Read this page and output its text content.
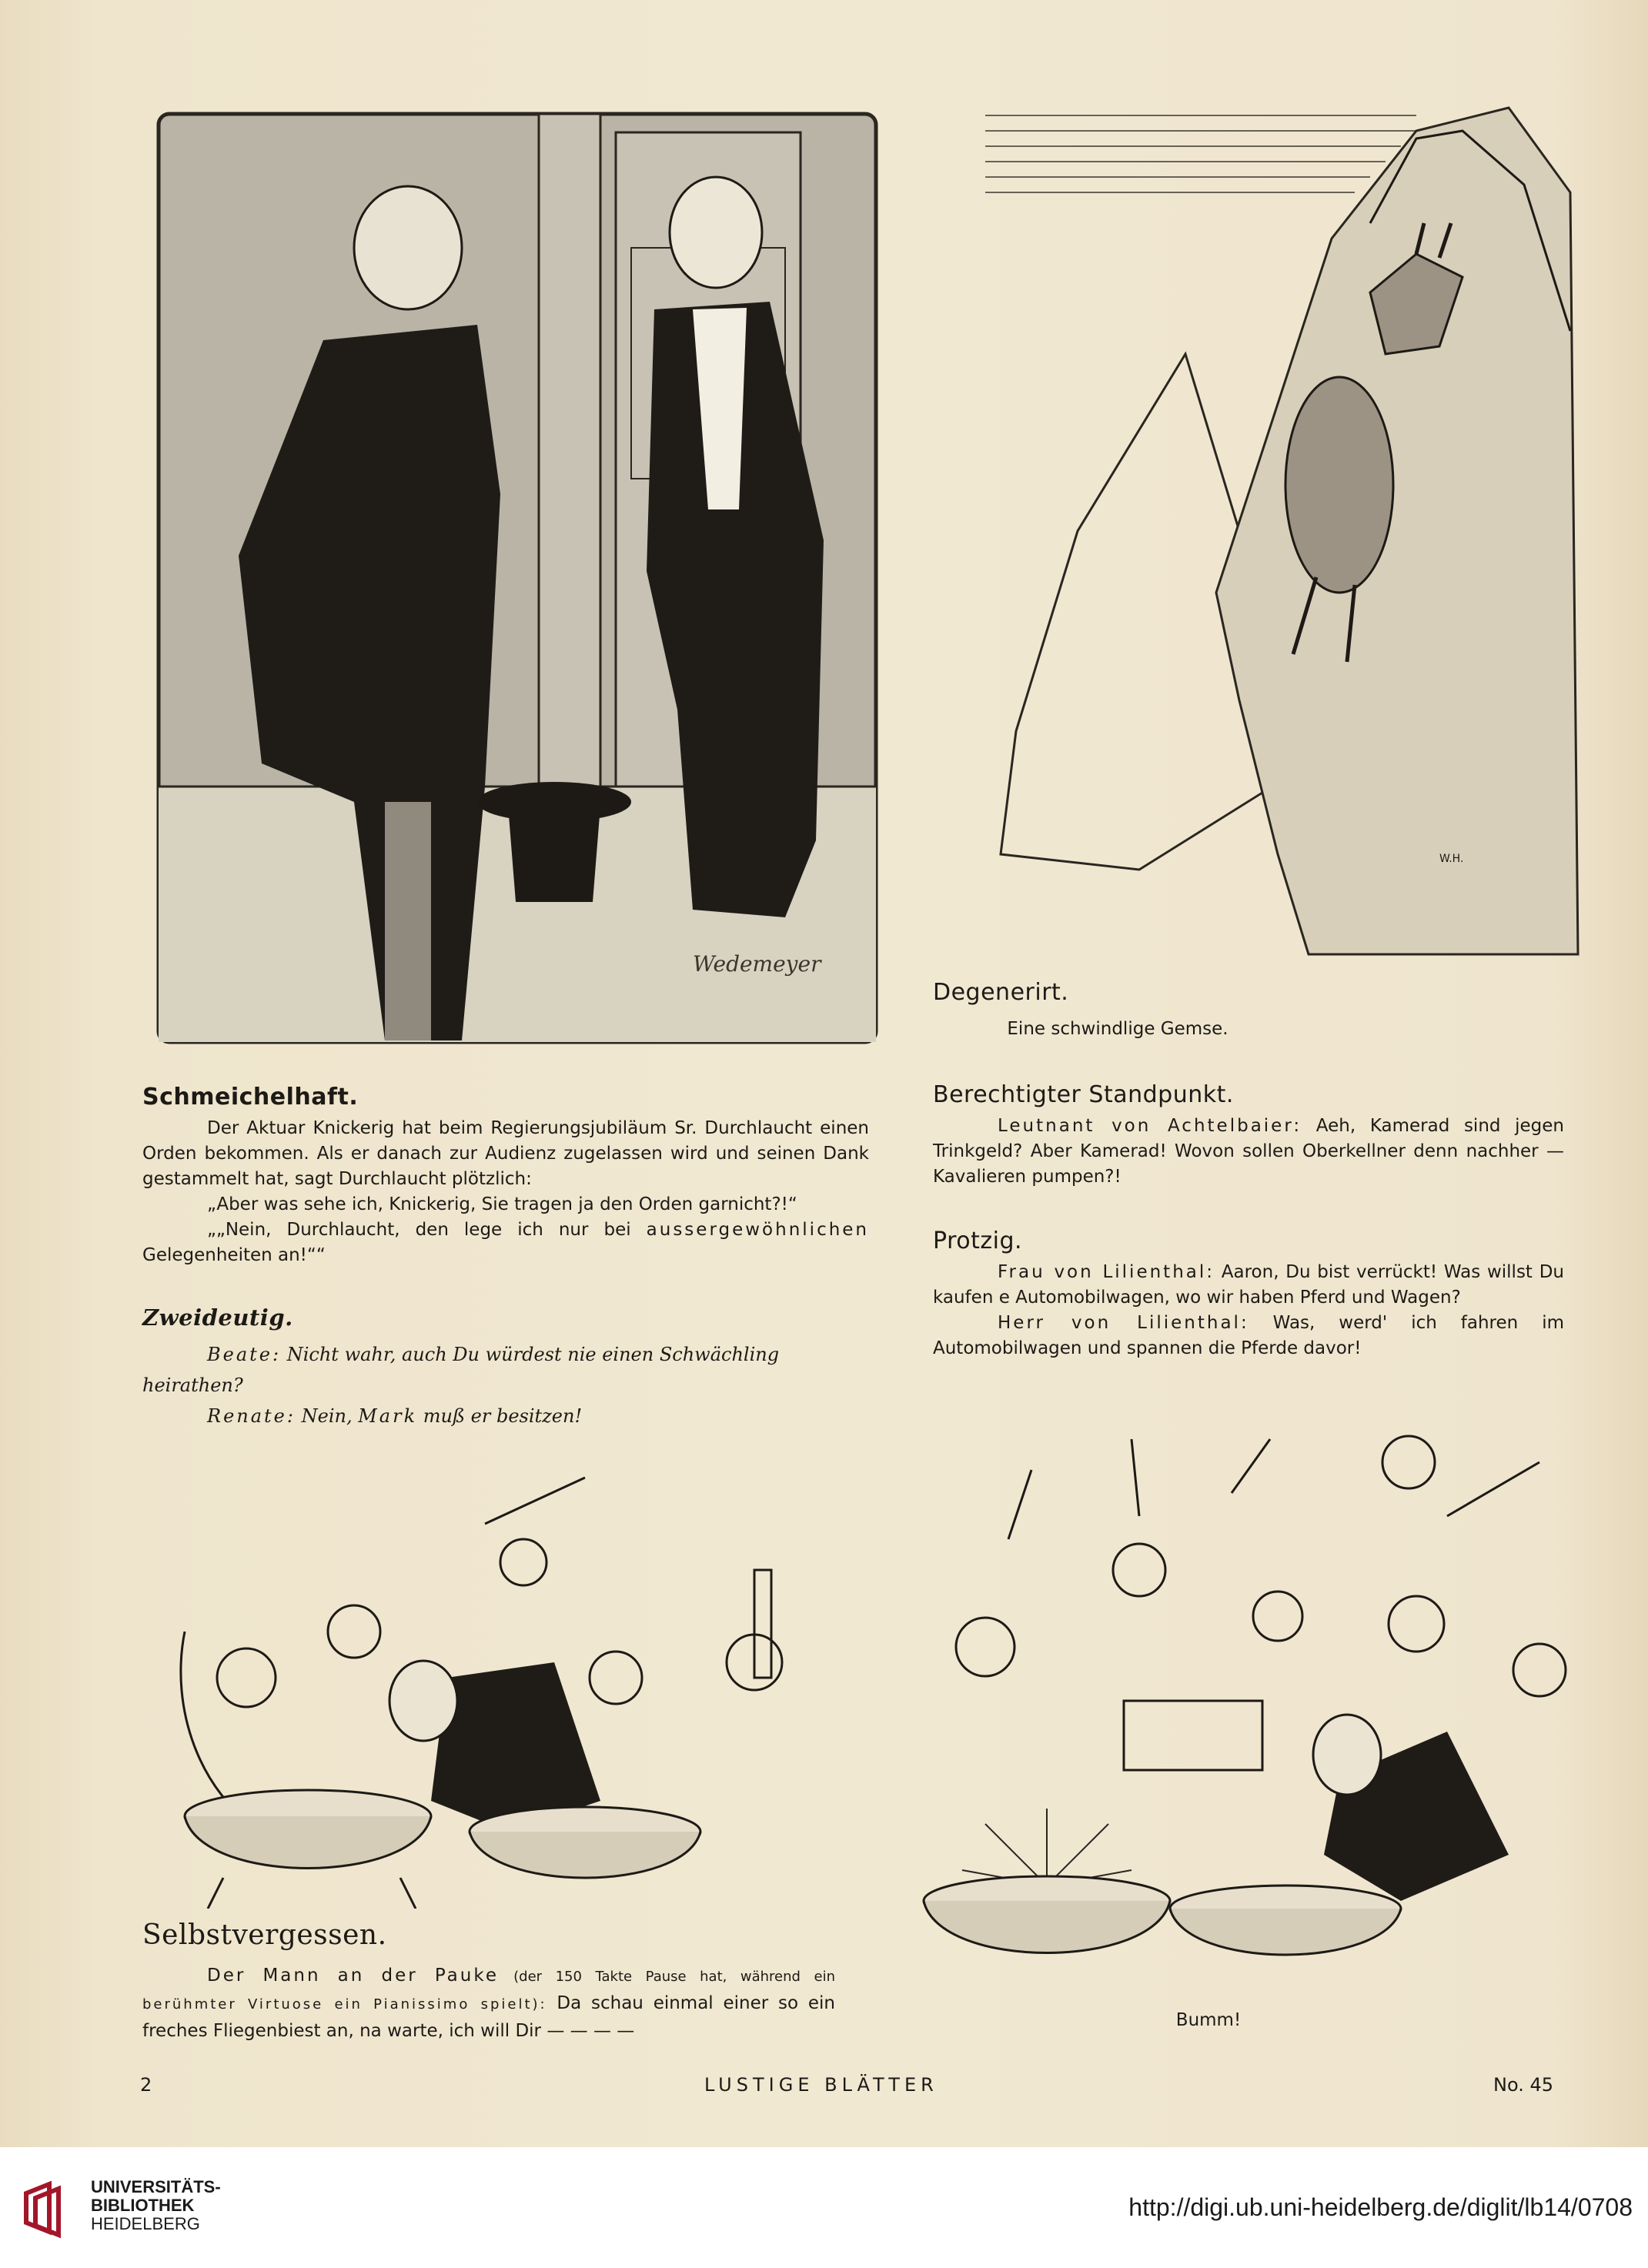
Wedemeyer
W.H.
Degenerirt.
Eine schwindlige Gemse.
Schmeichelhaft.

Der Aktuar Knickerig hat beim Regierungsjubiläum Sr. Durchlaucht einen Orden bekommen. Als er danach zur Audienz zugelassen wird und seinen Dank gestammelt hat, sagt Durchlaucht plötzlich:

„Aber was sehe ich, Knickerig, Sie tragen ja den Orden garnicht?!“

„„Nein, Durchlaucht, den lege ich nur bei aussergewöhnlichen Gelegenheiten an!““

Zweideutig.

Beate: Nicht wahr, auch Du würdest nie einen Schwächling heirathen?

Renate: Nein, Mark muß er besitzen!

Berechtigter Standpunkt.

Leutnant von Achtelbaier: Aeh, Kamerad sind jegen Trinkgeld? Aber Kamerad! Wovon sollen Oberkellner denn nachher — Kavalieren pumpen?!

Protzig.

Frau von Lilienthal: Aaron, Du bist verrückt! Was willst Du kaufen e Automobilwagen, wo wir haben Pferd und Wagen?

Herr von Lilienthal: Was, werd' ich fahren im Automobilwagen und spannen die Pferde davor!

Selbstvergessen.

Der Mann an der Pauke (der 150 Takte Pause hat, während ein berühmter Virtuose ein Pianissimo spielt): Da schau einmal einer so ein freches Fliegenbiest an, na warte, ich will Dir — — — —

Bumm!
2	LUSTIGE BLÄTTER	No. 45
UNIVERSITÄTS-
BIBLIOTHEK
HEIDELBERG
http://digi.ub.uni-heidelberg.de/diglit/lb14/0708
